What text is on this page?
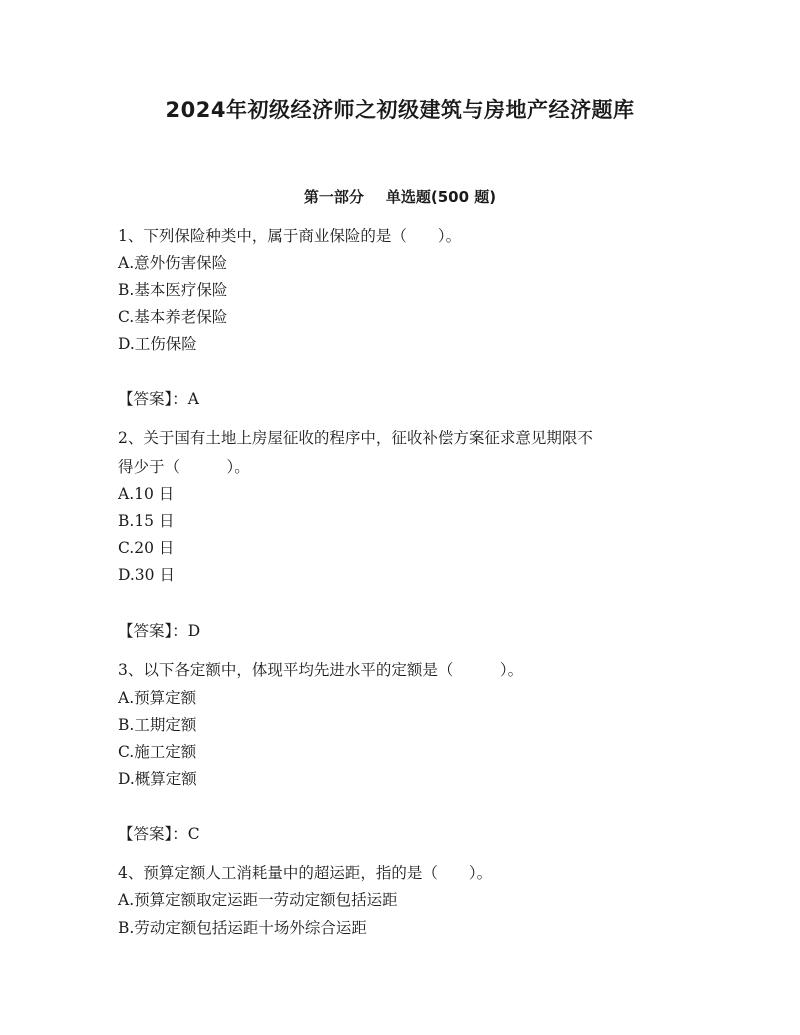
2024年初级经济师之初级建筑与房地产经济题库
第一部分 单选题(500 题)
1、下列保险种类中，属于商业保险的是（　　）。
A.意外伤害保险
B.基本医疗保险
C.基本养老保险
D.工伤保险
【答案】：A
2、关于国有土地上房屋征收的程序中，征收补偿方案征求意见期限不
得少于（　　　）。
A.10 日
B.15 日
C.20 日
D.30 日
【答案】：D
3、以下各定额中，体现平均先进水平的定额是（　　　）。
A.预算定额
B.工期定额
C.施工定额
D.概算定额
【答案】：C
4、预算定额人工消耗量中的超运距，指的是（　　）。
A.预算定额取定运距一劳动定额包括运距
B.劳动定额包括运距十场外综合运距
